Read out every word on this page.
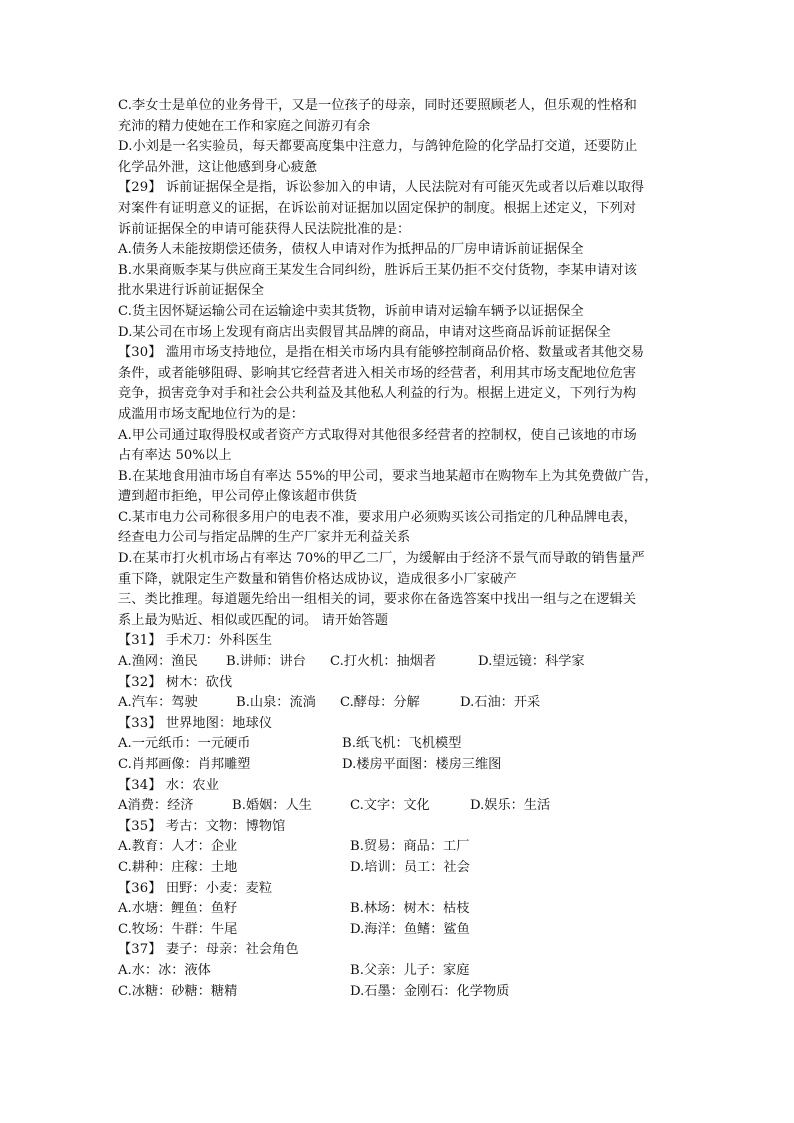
C.李女士是单位的业务骨干，又是一位孩子的母亲，同时还要照顾老人，但乐观的性格和
充沛的精力使她在工作和家庭之间游刃有余
D.小刘是一名实验员，每天都要高度集中注意力，与鸽钟危险的化学品打交道，还要防止
化学品外泄，这让他感到身心疲惫
【29】 诉前证据保全是指，诉讼参加入的申请，人民法院对有可能灭先或者以后难以取得
对案件有证明意义的证据，在诉讼前对证据加以固定保护的制度。根据上述定义，下列对
诉前证据保全的申请可能获得人民法院批准的是：
A.债务人未能按期偿还债务，债权人申请对作为抵押品的厂房申请诉前证据保全
B.水果商贩李某与供应商王某发生合同纠纷，胜诉后王某仍拒不交付货物，李某申请对该
批水果进行诉前证据保全
C.货主因怀疑运输公司在运输途中卖其货物，诉前申请对运输车辆予以证据保全
D.某公司在市场上发现有商店出卖假冒其品牌的商品，申请对这些商品诉前证据保全
【30】 滥用市场支持地位，是指在相关市场内具有能够控制商品价格、数量或者其他交易
条件，或者能够阻碍、影响其它经营者进入相关市场的经营者，利用其市场支配地位危害
竞争，损害竞争对手和社会公共利益及其他私人利益的行为。根据上进定义，下列行为构
成滥用市场支配地位行为的是：
A.甲公司通过取得股权或者资产方式取得对其他很多经营者的控制权，使自己该地的市场
占有率达 50%以上
B.在某地食用油市场自有率达 55%的甲公司，要求当地某超市在购物车上为其免费做广告，
遭到超市拒绝，甲公司停止像该超市供货
C.某市电力公司称很多用户的电表不准，要求用户必须购买该公司指定的几种品牌电表，
经查电力公司与指定品牌的生产厂家并无利益关系
D.在某市打火机市场占有率达 70%的甲乙二厂，为缓解由于经济不景气而导敢的销售量严
重下降，就限定生产数量和销售价格达成协议，造成很多小厂家破产
三、类比推理。每道题先给出一组相关的词，要求你在备选答案中找出一组与之在逻辑关
系上最为贴近、相似或匹配的词。 请开始答题
【31】 手术刀：外科医生
A.渔网：渔民 B.讲师：讲台 C.打火机：抽烟者	D.望远镜：科学家
【32】 树木：砍伐
A.汽车：驾驶	B.山泉：流淌 C.酵母：分解	D.石油：开采
【33】 世界地图：地球仪
A.一元纸币：一元硬币	B.纸飞机：飞机模型
C.肖邦画像：肖邦雕塑	D.楼房平面图：楼房三维图
【34】 水：农业
A消费：经济	B.婚姻：人生	C.文字：文化	D.娱乐：生活
【35】 考古：文物：博物馆
A.教育：人才：企业	B.贸易：商品：工厂
C.耕种：庄稼：土地	D.培训：员工：社会
【36】 田野：小麦：麦粒
A.水塘：鲤鱼：鱼籽	B.林场：树木：枯枝
C.牧场：牛群：牛尾	D.海洋：鱼鳍：鲨鱼
【37】 妻子：母亲：社会角色
A.水：冰：液体	B.父亲：儿子：家庭
C.冰糖：砂糖：糖精	D.石墨：金刚石：化学物质
